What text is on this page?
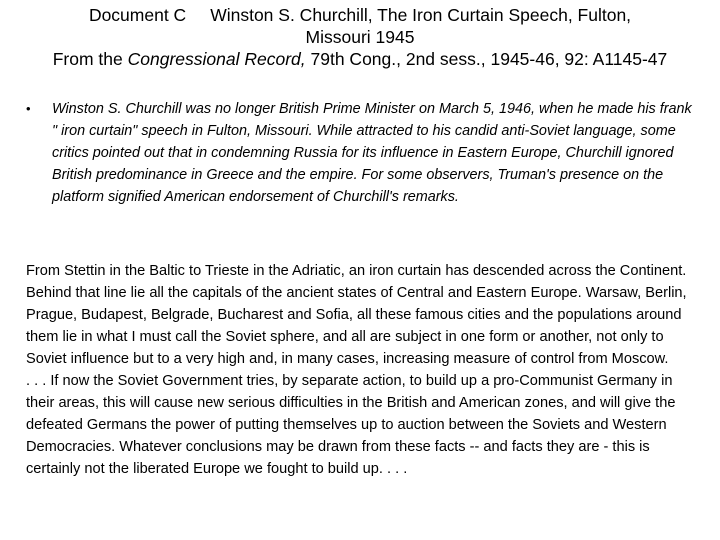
Document C Winston S. Churchill, The Iron Curtain Speech, Fulton,
Missouri 1945
From the Congressional Record, 79th Cong., 2nd sess., 1945-46, 92: A1145-47
• Winston S. Churchill was no longer British Prime Minister on March 5, 1946, when he made his frank " iron curtain" speech in Fulton, Missouri. While attracted to his candid anti-Soviet language, some critics pointed out that in condemning Russia for its influence in Eastern Europe, Churchill ignored British predominance in Greece and the empire. For some observers, Truman's presence on the platform signified American endorsement of Churchill's remarks.

From Stettin in the Baltic to Trieste in the Adriatic, an iron curtain has descended across the Continent. Behind that line lie all the capitals of the ancient states of Central and Eastern Europe. Warsaw, Berlin, Prague, Budapest, Belgrade, Bucharest and Sofia, all these famous cities and the populations around them lie in what I must call the Soviet sphere, and all are subject in one form or another, not only to Soviet influence but to a very high and, in many cases, increasing measure of control from Moscow.

. . . If now the Soviet Government tries, by separate action, to build up a pro-Communist Germany in their areas, this will cause new serious difficulties in the British and American zones, and will give the defeated Germans the power of putting themselves up to auction between the Soviets and Western Democracies. Whatever conclusions may be drawn from these facts -- and facts they are - this is certainly not the liberated Europe we fought to build up. . . .
